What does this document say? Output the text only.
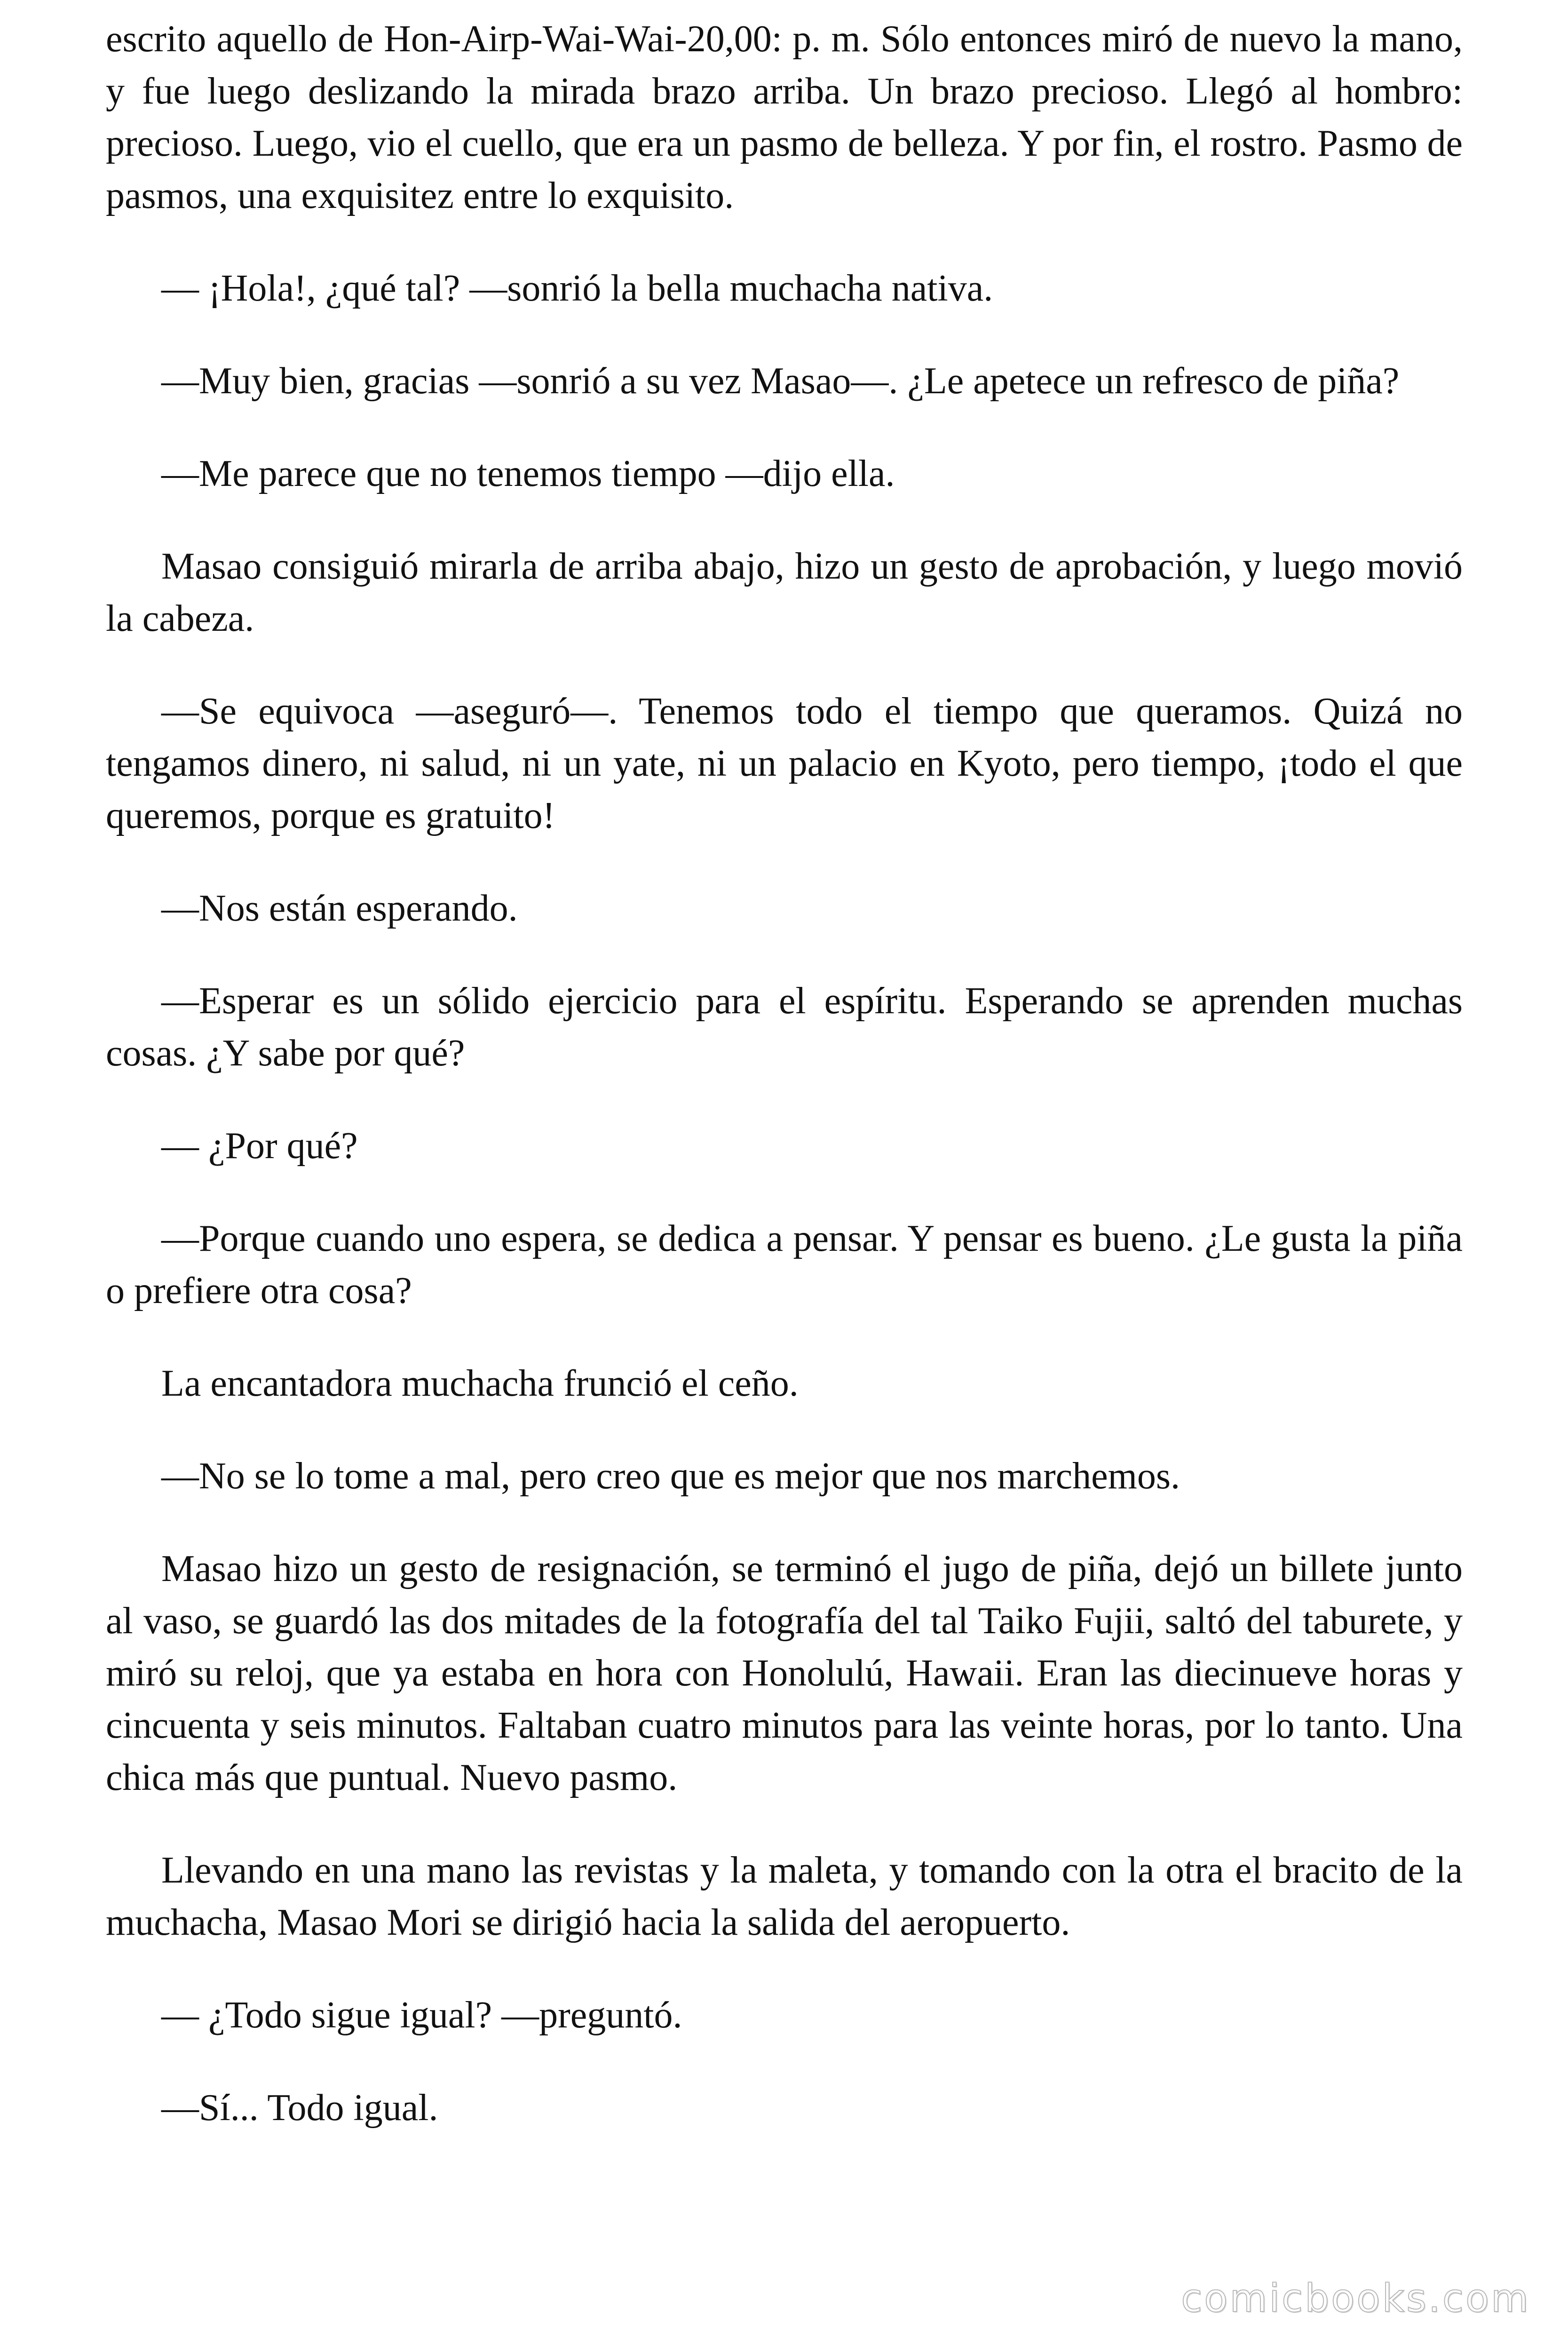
escrito aquello de Hon-Airp-Wai-Wai-20,00: p. m. Sólo entonces miró de nuevo la mano, y fue luego deslizando la mirada brazo arriba. Un brazo precioso. Llegó al hombro: precioso. Luego, vio el cuello, que era un pasmo de belleza. Y por fin, el rostro. Pasmo de pasmos, una exquisitez entre lo exquisito.

— ¡Hola!, ¿qué tal? —sonrió la bella muchacha nativa.

—Muy bien, gracias —sonrió a su vez Masao—. ¿Le apetece un refresco de piña?

—Me parece que no tenemos tiempo —dijo ella.

Masao consiguió mirarla de arriba abajo, hizo un gesto de aprobación, y luego movió la cabeza.

—Se equivoca —aseguró—. Tenemos todo el tiempo que queramos. Quizá no tengamos dinero, ni salud, ni un yate, ni un palacio en Kyoto, pero tiempo, ¡todo el que queremos, porque es gratuito!

—Nos están esperando.

—Esperar es un sólido ejercicio para el espíritu. Esperando se aprenden muchas cosas. ¿Y sabe por qué?

— ¿Por qué?

—Porque cuando uno espera, se dedica a pensar. Y pensar es bueno. ¿Le gusta la piña o prefiere otra cosa?

La encantadora muchacha frunció el ceño.

—No se lo tome a mal, pero creo que es mejor que nos marchemos.

Masao hizo un gesto de resignación, se terminó el jugo de piña, dejó un billete junto al vaso, se guardó las dos mitades de la fotografía del tal Taiko Fujii, saltó del taburete, y miró su reloj, que ya estaba en hora con Honolulú, Hawaii. Eran las diecinueve horas y cincuenta y seis minutos. Faltaban cuatro minutos para las veinte horas, por lo tanto. Una chica más que puntual. Nuevo pasmo.

Llevando en una mano las revistas y la maleta, y tomando con la otra el bracito de la muchacha, Masao Mori se dirigió hacia la salida del aeropuerto.

— ¿Todo sigue igual? —preguntó.

—Sí... Todo igual.

comicbooks.com
